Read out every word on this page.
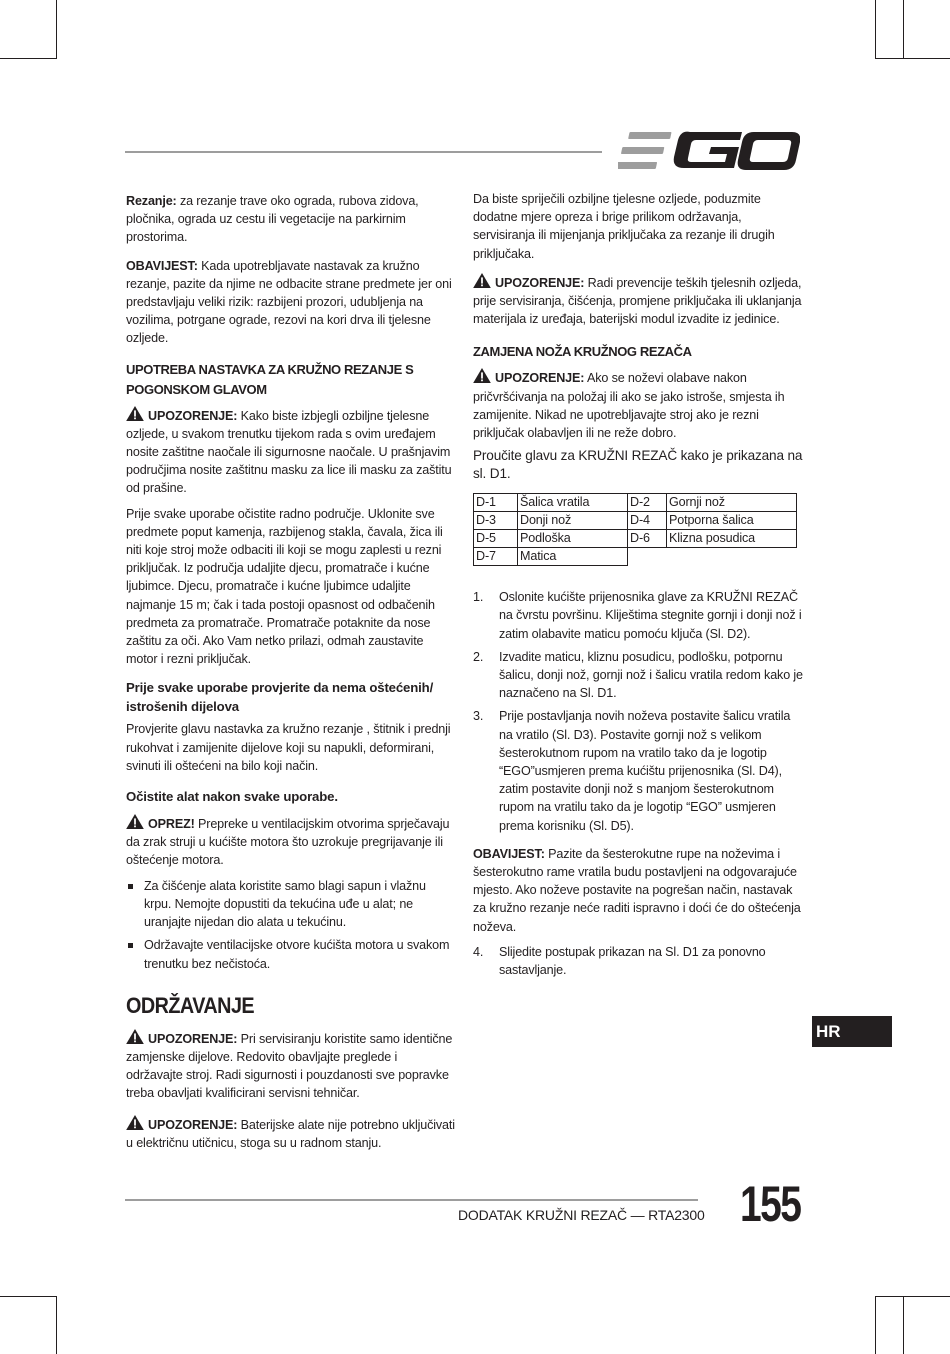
Rezanje: za rezanje trave oko ograda, rubova zidova, pločnika, ograda uz cestu ili vegetacije na parkirnim prostorima.

OBAVIJEST: Kada upotrebljavate nastavak za kružno rezanje, pazite da njime ne odbacite strane predmete jer oni predstavljaju veliki rizik: razbijeni prozori, udubljenja na vozilima, potrgane ograde, rezovi na kori drva ili tjelesne ozljede.

UPOTREBA NASTAVKA ZA KRUŽNO REZANJE S POGONSKOM GLAVOM

UPOZORENJE: Kako biste izbjegli ozbiljne tjelesne ozljede, u svakom trenutku tijekom rada s ovim uređajem nosite zaštitne naočale ili sigurnosne naočale. U prašnjavim područjima nosite zaštitnu masku za lice ili masku za zaštitu od prašine.

Prije svake uporabe očistite radno područje. Uklonite sve predmete poput kamenja, razbijenog stakla, čavala, žica ili niti koje stroj može odbaciti ili koji se mogu zaplesti u rezni priključak. Iz područja udaljite djecu, promatrače i kućne ljubimce. Djecu, promatrače i kućne ljubimce udaljite najmanje 15 m; čak i tada postoji opasnost od odbačenih predmeta za promatrače. Promatrače potaknite da nose zaštitu za oči. Ako Vam netko prilazi, odmah zaustavite motor i rezni priključak.

Prije svake uporabe provjerite da nema oštećenih/ istrošenih dijelova

Provjerite glavu nastavka za kružno rezanje , štitnik i prednji rukohvat i zamijenite dijelove koji su napukli, deformirani, svinuti ili oštećeni na bilo koji način.

Očistite alat nakon svake uporabe.

OPREZ! Prepreke u ventilacijskim otvorima sprječavaju da zrak struji u kućište motora što uzrokuje pregrijavanje ili oštećenje motora.

Za čišćenje alata koristite samo blagi sapun i vlažnu krpu. Nemojte dopustiti da tekućina uđe u alat; ne uranjajte nijedan dio alata u tekućinu.
Održavajte ventilacijske otvore kućišta motora u svakom trenutku bez nečistoća.
ODRŽAVANJE

UPOZORENJE: Pri servisiranju koristite samo identične zamjenske dijelove. Redovito obavljajte preglede i održavajte stroj. Radi sigurnosti i pouzdanosti sve popravke treba obavljati kvalificirani servisni tehničar.

UPOZORENJE: Baterijske alate nije potrebno uključivati u električnu utičnicu, stoga su u radnom stanju.

Da biste spriječili ozbiljne tjelesne ozljede, poduzmite dodatne mjere opreza i brige prilikom održavanja, servisiranja ili mijenjanja priključaka za rezanje ili drugih priključaka.

UPOZORENJE: Radi prevencije teških tjelesnih ozljeda, prije servisiranja, čišćenja, promjene priključaka ili uklanjanja materijala iz uređaja, baterijski modul izvadite iz jedinice.

ZAMJENA NOŽA KRUŽNOG REZAČA

UPOZORENJE: Ako se noževi olabave nakon pričvršćivanja na položaj ili ako se jako istroše, smjesta ih zamijenite. Nikad ne upotrebljavajte stroj ako je rezni priključak olabavljen ili ne reže dobro.

Proučite glavu za KRUŽNI REZAČ kako je prikazana na sl. D1.

D-1	Šalica vratila	D-2	Gornji nož
D-3	Donji nož	D-4	Potporna šalica
D-5	Podloška	D-6	Klizna posudica
D-7	Matica		
1. Oslonite kućište prijenosnika glave za KRUŽNI REZAČ na čvrstu površinu. Kliještima stegnite gornji i donji nož i zatim olabavite maticu pomoću ključa (Sl. D2).
2. Izvadite maticu, kliznu posudicu, podlošku, potpornu šalicu, donji nož, gornji nož i šalicu vratila redom kako je naznačeno na Sl. D1.
3. Prije postavljanja novih noževa postavite šalicu vratila na vratilo (Sl. D3). Postavite gornji nož s velikom šesterokutnom rupom na vratilo tako da je logotip “EGO”usmjeren prema kućištu prijenosnika (Sl. D4), zatim postavite donji nož s manjom šesterokutnom rupom na vratilu tako da je logotip “EGO” usmjeren prema korisniku (Sl. D5).

OBAVIJEST: Pazite da šesterokutne rupe na noževima i šesterokutno rame vratila budu postavljeni na odgovarajuće mjesto. Ako noževe postavite na pogrešan način, nastavak za kružno rezanje neće raditi ispravno i doći će do oštećenja noževa.

4. Slijedite postupak prikazan na Sl. D1 za ponovno sastavljanje.
HR
DODATAK KRUŽNI REZAČ — RTA2300 155
